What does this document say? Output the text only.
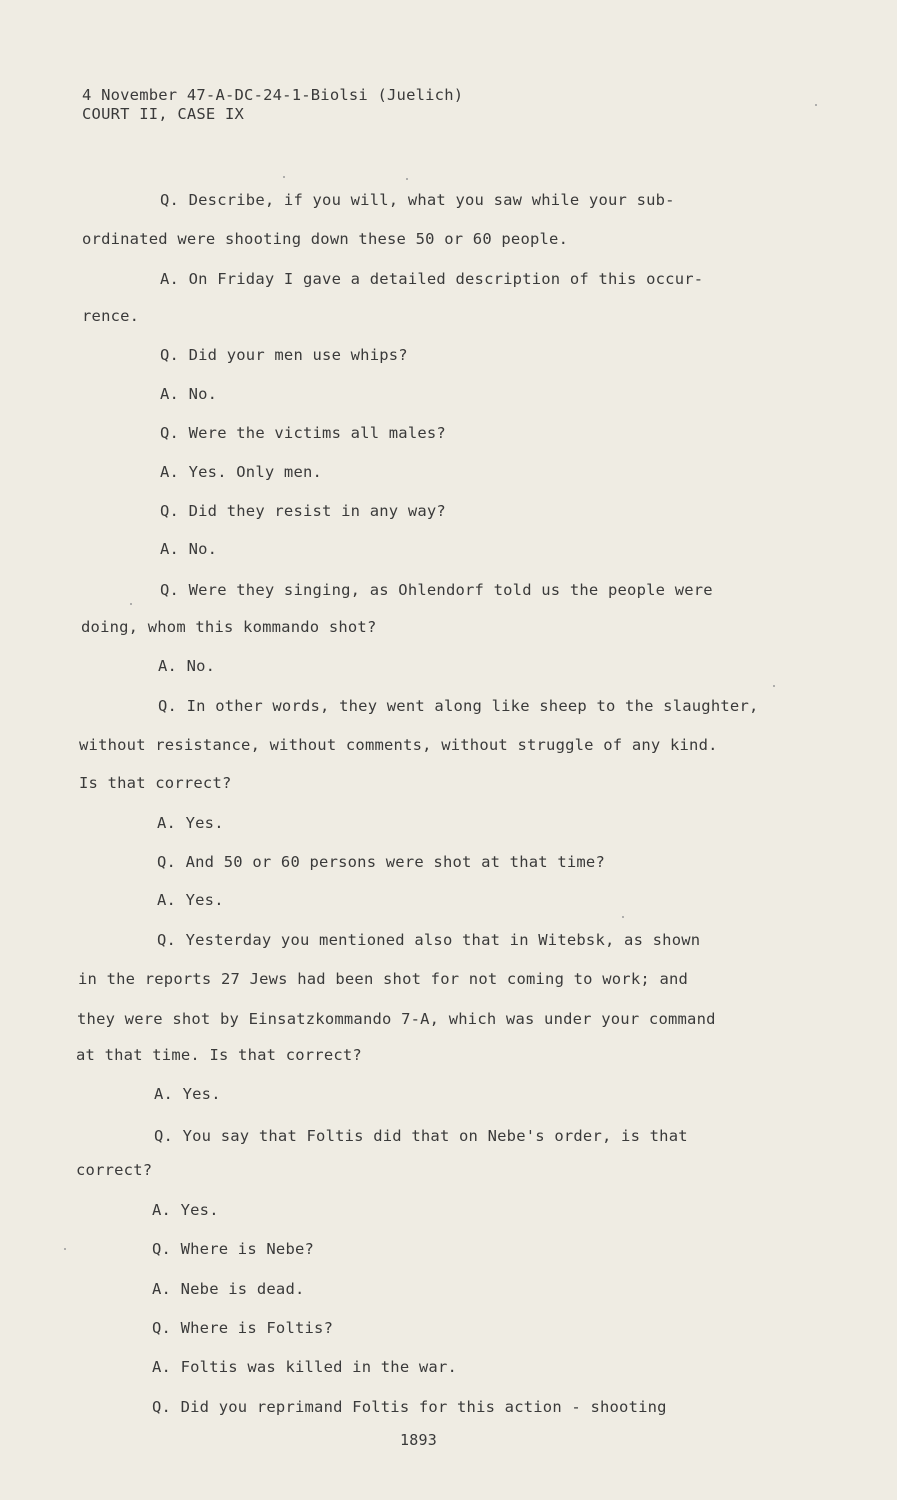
4 November 47-A-DC-24-1-Biolsi (Juelich)
COURT II, CASE IX
Q. Describe, if you will, what you saw while your sub-
ordinated were shooting down these 50 or 60 people.
A. On Friday I gave a detailed description of this occur-
rence.
Q. Did your men use whips?
A. No.
Q. Were the victims all males?
A. Yes. Only men.
Q. Did they resist in any way?
A. No.
Q. Were they singing, as Ohlendorf told us the people were
doing, whom this kommando shot?
A. No.
Q. In other words, they went along like sheep to the slaughter,
without resistance, without comments, without struggle of any kind.
Is that correct?
A. Yes.
Q. And 50 or 60 persons were shot at that time?
A. Yes.
Q. Yesterday you mentioned also that in Witebsk, as shown
in the reports 27 Jews had been shot for not coming to work; and
they were shot by Einsatzkommando 7-A, which was under your command
at that time. Is that correct?
A. Yes.
Q. You say that Foltis did that on Nebe's order, is that
correct?
A. Yes.
Q. Where is Nebe?
A. Nebe is dead.
Q. Where is Foltis?
A. Foltis was killed in the war.
Q. Did you reprimand Foltis for this action - shooting
1893
